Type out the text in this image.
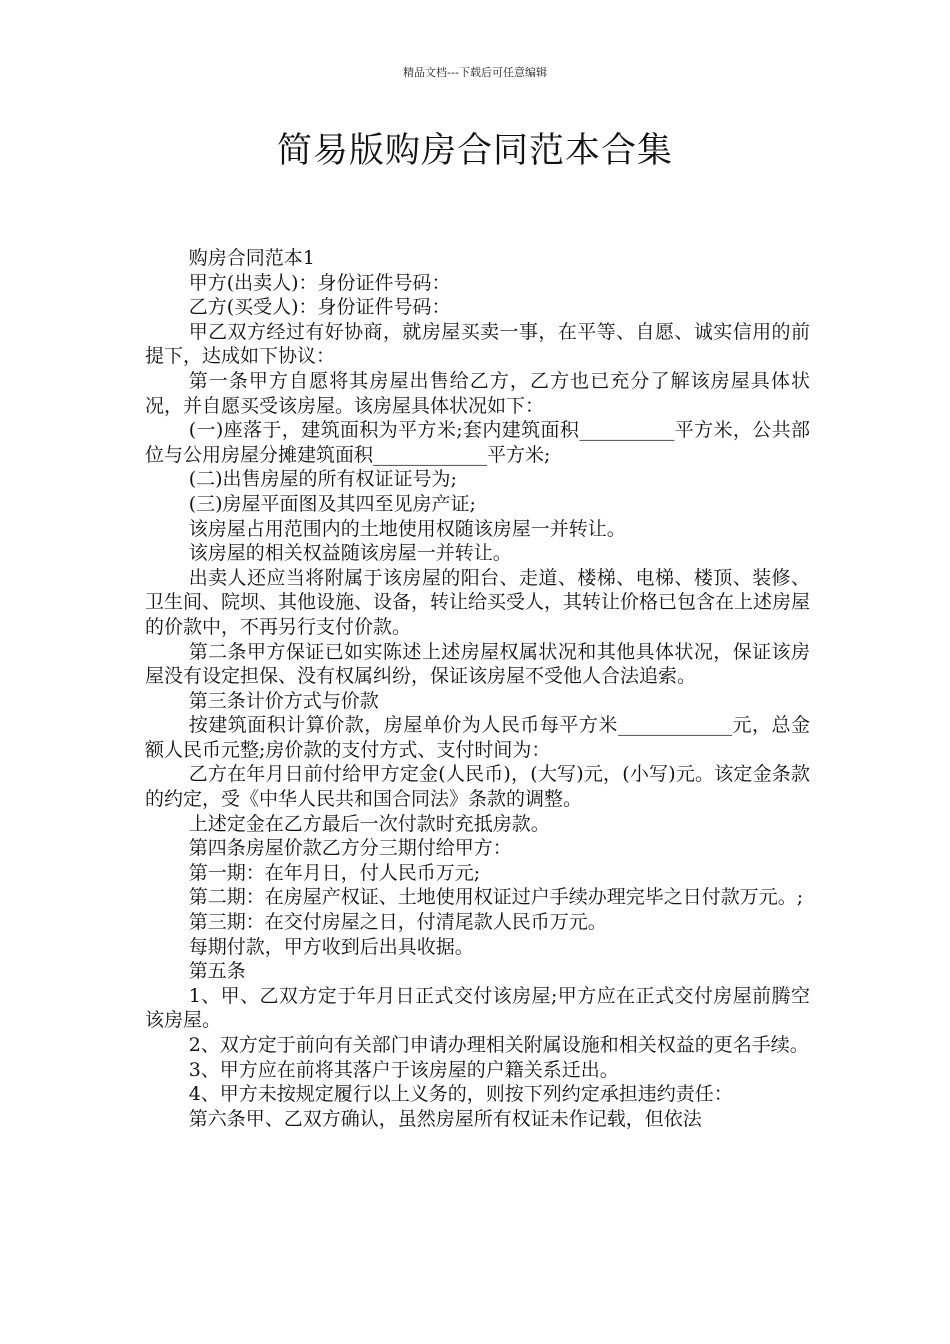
精品文档---下载后可任意编辑
简易版购房合同范本合集

购房合同范本1

甲方(出卖人)：身份证件号码：

乙方(买受人)：身份证件号码：

甲乙双方经过有好协商，就房屋买卖一事，在平等、自愿、诚实信用的前提下，达成如下协议：

第一条甲方自愿将其房屋出售给乙方，乙方也已充分了解该房屋具体状况，并自愿买受该房屋。该房屋具体状况如下：

(一)座落于，建筑面积为平方米;套内建筑面积__________平方米，公共部位与公用房屋分摊建筑面积____________平方米;

(二)出售房屋的所有权证证号为;

(三)房屋平面图及其四至见房产证;

该房屋占用范围内的土地使用权随该房屋一并转让。

该房屋的相关权益随该房屋一并转让。

出卖人还应当将附属于该房屋的阳台、走道、楼梯、电梯、楼顶、装修、卫生间、院坝、其他设施、设备，转让给买受人，其转让价格已包含在上述房屋的价款中，不再另行支付价款。

第二条甲方保证已如实陈述上述房屋权属状况和其他具体状况，保证该房屋没有设定担保、没有权属纠纷，保证该房屋不受他人合法追索。

第三条计价方式与价款

按建筑面积计算价款，房屋单价为人民币每平方米____________元，总金额人民币元整;房价款的支付方式、支付时间为：

乙方在年月日前付给甲方定金(人民币)，(大写)元，(小写)元。该定金条款的约定，受《中华人民共和国合同法》条款的调整。

上述定金在乙方最后一次付款时充抵房款。

第四条房屋价款乙方分三期付给甲方：

第一期：在年月日，付人民币万元;

第二期：在房屋产权证、土地使用权证过户手续办理完毕之日付款万元。;

第三期：在交付房屋之日，付清尾款人民币万元。

每期付款，甲方收到后出具收据。

第五条

1、甲、乙双方定于年月日正式交付该房屋;甲方应在正式交付房屋前腾空该房屋。

2、双方定于前向有关部门申请办理相关附属设施和相关权益的更名手续。

3、甲方应在前将其落户于该房屋的户籍关系迁出。

4、甲方未按规定履行以上义务的，则按下列约定承担违约责任：

第六条甲、乙双方确认，虽然房屋所有权证未作记载，但依法
